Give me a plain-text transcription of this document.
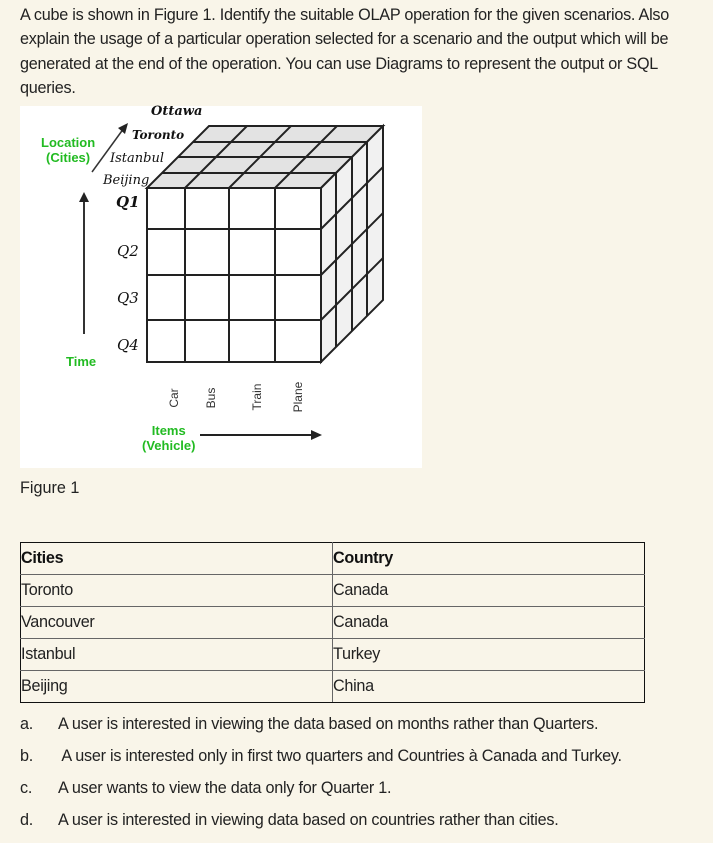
A cube is shown in Figure 1. Identify the suitable OLAP operation for the given scenarios. Also explain the usage of a particular operation selected for a scenario and the output which will be generated at the end of the operation. You can use Diagrams to represent the output or SQL queries.
Location
(Cities)
Ottawa
Toronto
Istanbul
Beijing
Q1
Q2
Q3
Q4
Time
Car Bus	Train Plane
Items
(Vehicle)
Figure 1
Cities	Country
Toronto	Canada
Vancouver	Canada
Istanbul	Turkey
Beijing	China
a. A user is interested in viewing the data based on months rather than Quarters.
b. A user is interested only in first two quarters and Countries à Canada and Turkey.
c. A user wants to view the data only for Quarter 1.
d. A user is interested in viewing data based on countries rather than cities.
